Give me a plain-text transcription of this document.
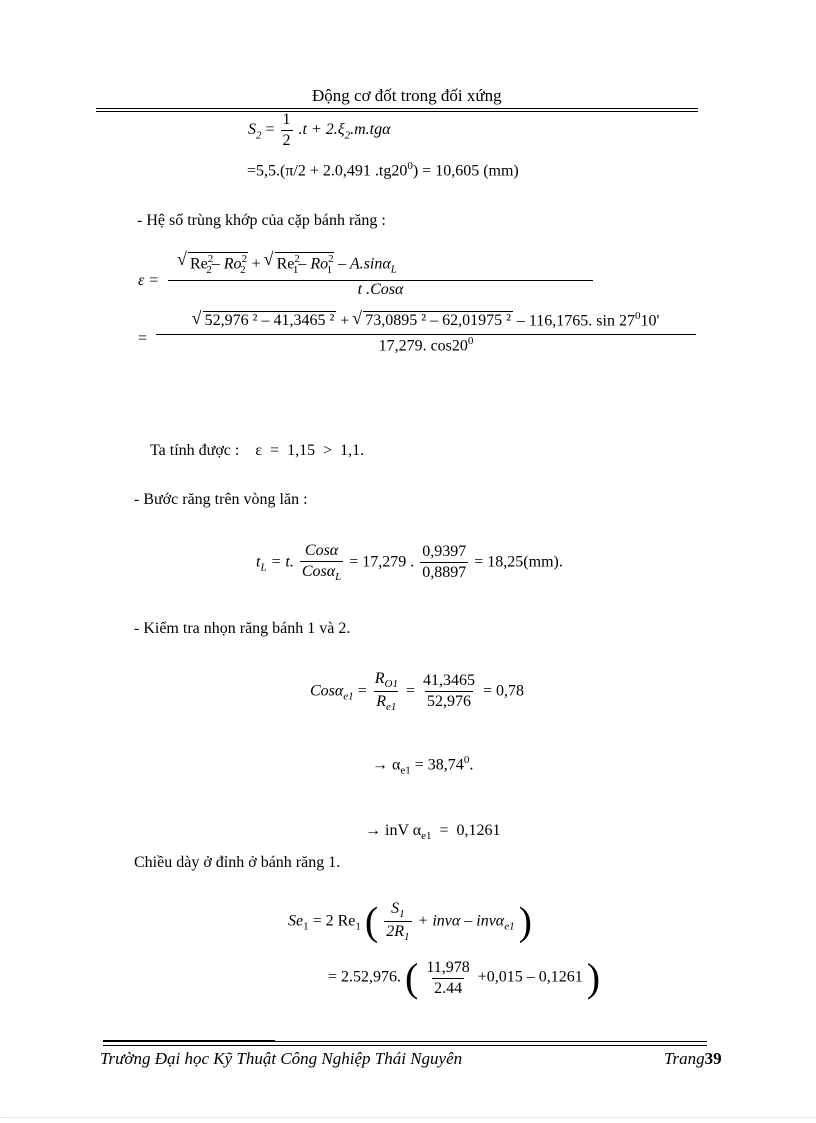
Động cơ đốt trong đối xứng
$S_2 = \frac{1}{2} .t + 2.\xi_2.m.tg\alpha$
=5,5.(π/2 + 2.0,491 $.tg20^0) = 10,605$ (mm)
- Hệ số trùng khớp của cặp bánh răng :
ε =
√ $Re^2_2-$ $Ro^2_2$ + √ $Re^2_1-$ $Ro^2_1 - A.\sin\alpha_L$
t .Cosα
=
√ 52,976 ² – 41,3465 ² + √ 73,0895 ² – 62,01975 ² – 116,1765. $\sin 27^010'$
17,279. $\cos 20^0$
Ta tính được :    ε  =  1,15  >  1,1.
- Bước răng trên vòng lăn :
$t_L = t$. $\frac{\text{Cosα}}{Cos\alpha_L} = 17,279$ . $\frac{0,9397}{0,8897} = 18,25(mm)$.
- Kiểm tra nhọn răng bánh 1 và 2.
$Cos\alpha_{e1} = \frac{R_{O1}}{R_{e1}} = \frac{41,3465}{52,976} = 0,78$
→ $\alpha_{e1} = 38,74^0$.

→ inV $\alpha_{e1} = 0,1261$

Chiều dày ở đỉnh ở bánh răng 1.
$Se_1 = 2$ $Re_1$ ( $\frac{S_1}{2R_1} + inv\alpha - inv\alpha_{e1}$ )
= 2.52,976. ( $\frac{11,978}{2.44} +0,015 - 0,1261$ )
Trường Đại học Kỹ Thuật Công Nghiệp Thái Nguyên	Trang39
